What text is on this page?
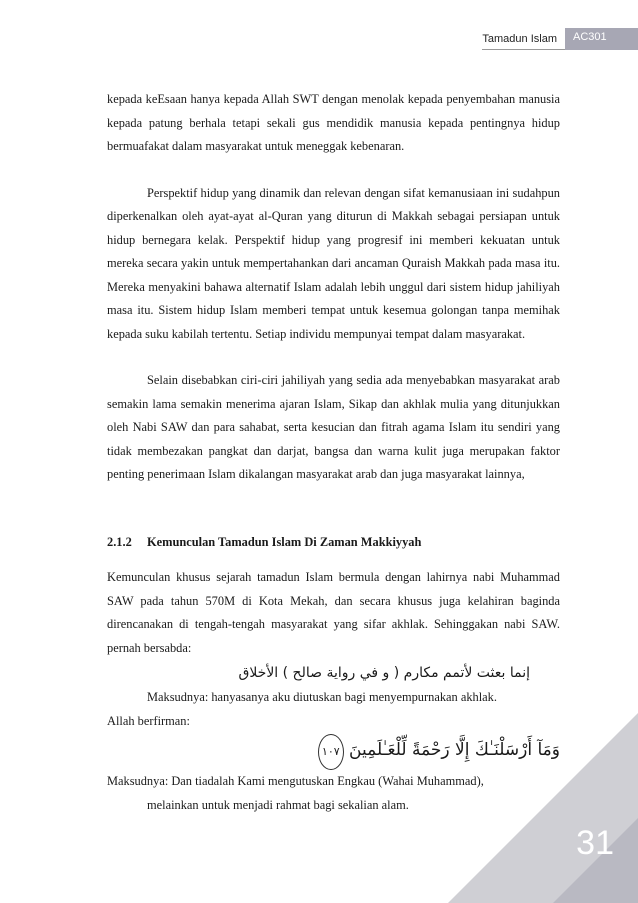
Tamadun Islam	AC301

kepada keEsaan hanya kepada Allah SWT dengan menolak kepada penyembahan manusia kepada patung berhala tetapi sekali gus mendidik manusia kepada pentingnya hidup bermuafakat dalam masyarakat untuk meneggak kebenaran.

Perspektif hidup yang dinamik dan relevan dengan sifat kemanusiaan ini sudahpun diperkenalkan oleh ayat-ayat al-Quran yang diturun di Makkah sebagai persiapan untuk hidup bernegara kelak. Perspektif hidup yang progresif ini memberi kekuatan untuk mereka secara yakin untuk mempertahankan dari ancaman Quraish Makkah pada masa itu. Mereka menyakini bahawa alternatif Islam adalah lebih unggul dari sistem hidup jahiliyah masa itu. Sistem hidup Islam memberi tempat untuk kesemua golongan tanpa memihak kepada suku kabilah tertentu. Setiap individu mempunyai tempat dalam masyarakat.

Selain disebabkan ciri-ciri jahiliyah yang sedia ada menyebabkan masyarakat arab semakin lama semakin menerima ajaran Islam, Sikap dan akhlak mulia yang ditunjukkan oleh Nabi SAW dan para sahabat, serta kesucian dan fitrah agama Islam itu sendiri yang tidak membezakan pangkat dan darjat, bangsa dan warna kulit juga merupakan faktor penting penerimaan Islam dikalangan masyarakat arab dan juga masyarakat lainnya,

2.1.2 Kemunculan Tamadun Islam Di Zaman Makkiyyah

Kemunculan khusus sejarah tamadun Islam bermula dengan lahirnya nabi Muhammad SAW pada tahun 570M di Kota Mekah, dan secara khusus juga kelahiran baginda direncanakan di tengah-tengah masyarakat yang sifar akhlak. Sehinggakan nabi SAW. pernah bersabda:

إنما بعثت لأتمم مكارم ( و في رواية صالح ) الأخلاق

Maksudnya: hanyasanya aku diutuskan bagi menyempurnakan akhlak.

Allah berfirman:

وَمَآ أَرْسَلْنَـٰكَ إِلَّا رَحْمَةً لِّلْعَـٰلَمِينَ ١٠٧

Maksudnya: Dan tiadalah Kami mengutuskan Engkau (Wahai Muhammad),

melainkan untuk menjadi rahmat bagi sekalian alam.

31
